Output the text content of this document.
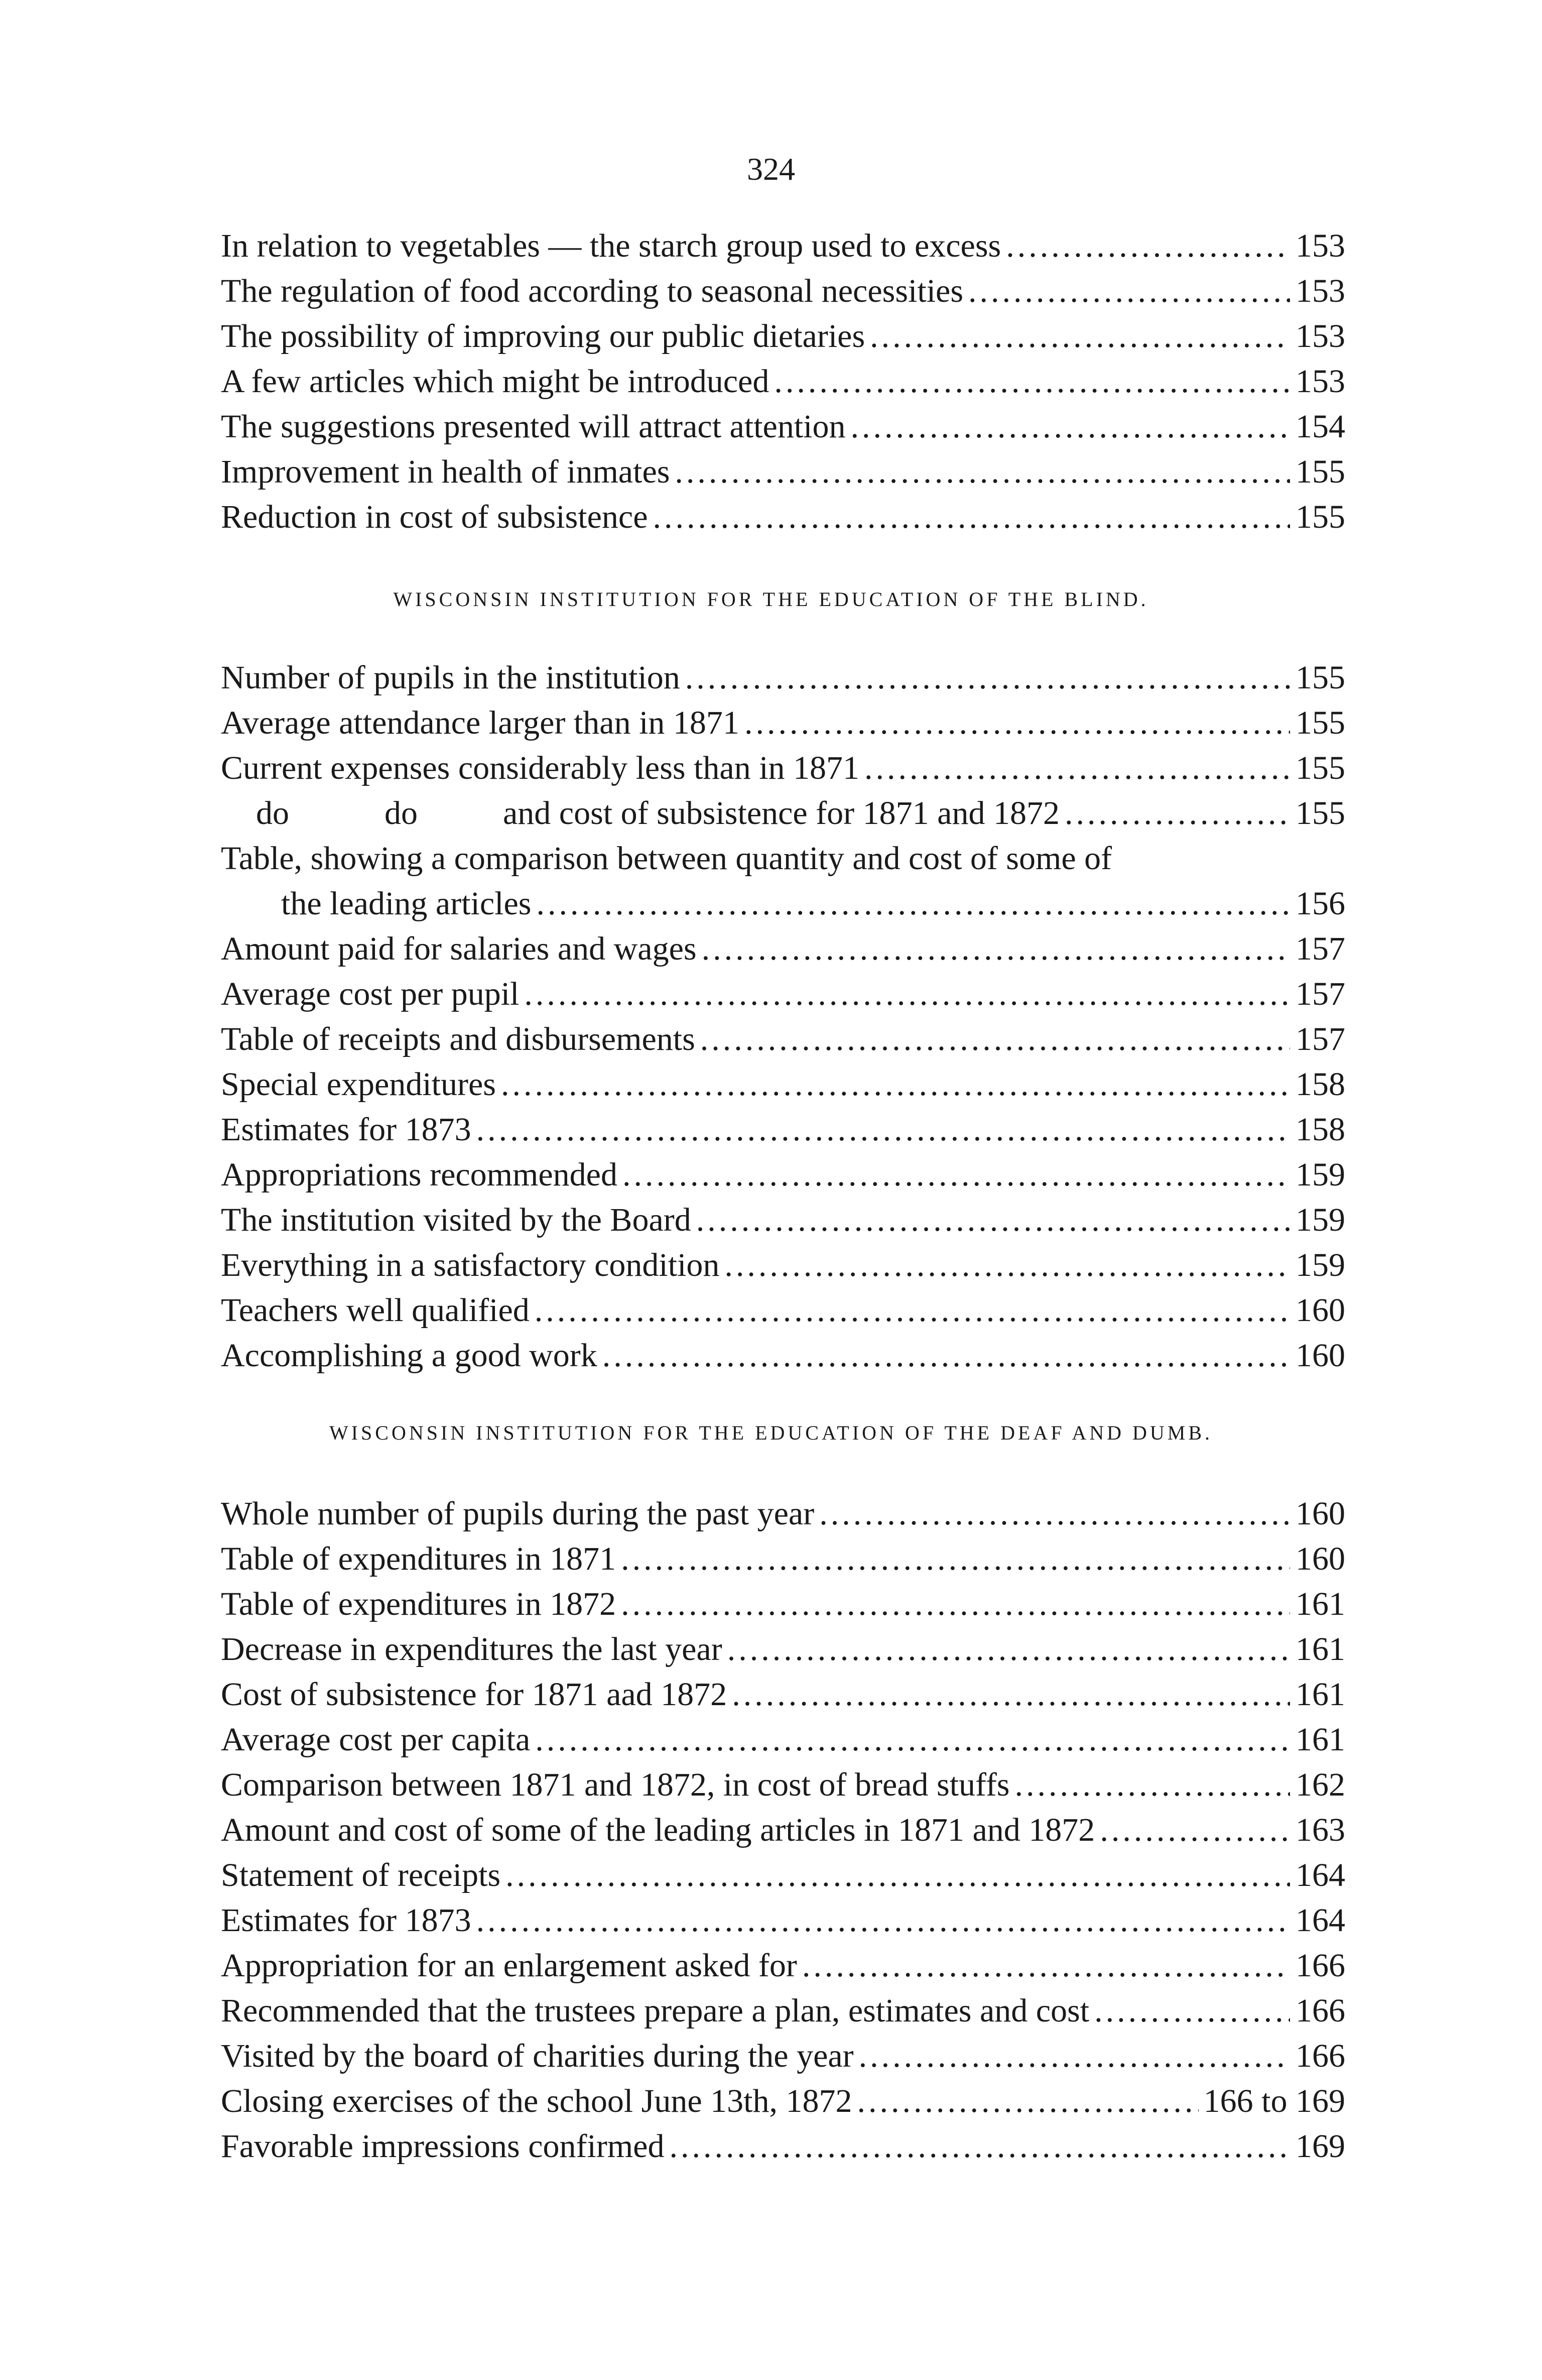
324
In relation to vegetables — the starch group used to excess .....	153
The regulation of food according to seasonal necessities .....	153
The possibility of improving our public dietaries .....	153
A few articles which might be introduced .....	153
The suggestions presented will attract attention .....	154
Improvement in health of inmates .....	155
Reduction in cost of subsistence .....	155
WISCONSIN INSTITUTION FOR THE EDUCATION OF THE BLIND.
Number of pupils in the institution .....	155
Average attendance larger than in 1871 .....	155
Current expenses considerably less than in 1871 .....	155
do	do	and cost of subsistence for 1871 and 1872 .....	155
Table, showing a comparison between quantity and cost of some of
the leading articles .....	156
Amount paid for salaries and wages .....	157
Average cost per pupil .....	157
Table of receipts and disbursements .....	157
Special expenditures .....	158
Estimates for 1873 .....	158
Appropriations recommended .....	159
The institution visited by the Board .....	159
Everything in a satisfactory condition .....	159
Teachers well qualified .....	160
Accomplishing a good work .....	160
WISCONSIN INSTITUTION FOR THE EDUCATION OF THE DEAF AND DUMB.
Whole number of pupils during the past year .....	160
Table of expenditures in 1871 .....	160
Table of expenditures in 1872 .....	161
Decrease in expenditures the last year .....	161
Cost of subsistence for 1871 aad 1872 .....	161
Average cost per capita .....	161
Comparison between 1871 and 1872, in cost of bread stuffs .....	162
Amount and cost of some of the leading articles in 1871 and 1872 .....	163
Statement of receipts .....	164
Estimates for 1873 .....	164
Appropriation for an enlargement asked for .....	166
Recommended that the trustees prepare a plan, estimates and cost .....	166
Visited by the board of charities during the year .....	166
Closing exercises of the school June 13th, 1872 .....	166 to 169
Favorable impressions confirmed .....	169
